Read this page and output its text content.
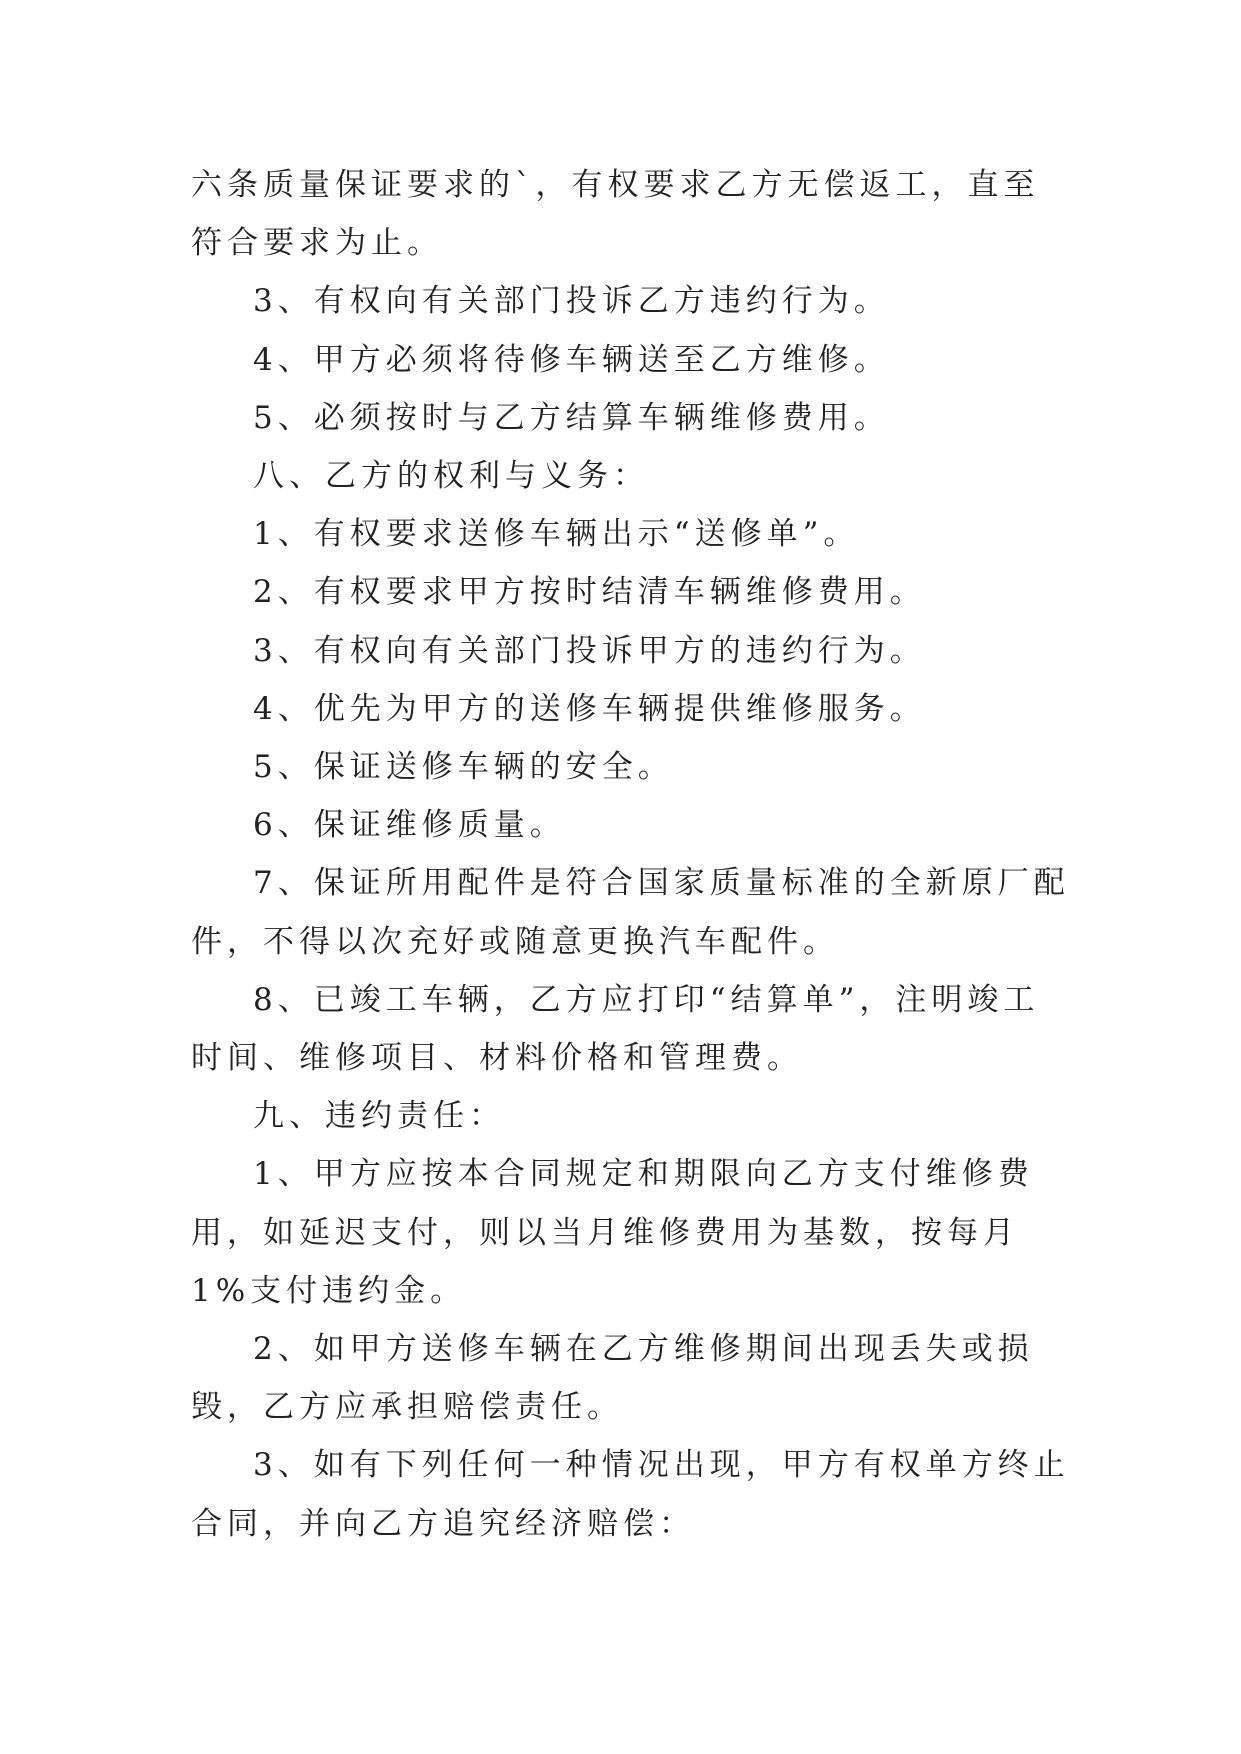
六条质量保证要求的`，有权要求乙方无偿返工，直至符合要求为止。

3、有权向有关部门投诉乙方违约行为。

4、甲方必须将待修车辆送至乙方维修。

5、必须按时与乙方结算车辆维修费用。

八、乙方的权利与义务：

1、有权要求送修车辆出示“送修单”。

2、有权要求甲方按时结清车辆维修费用。

3、有权向有关部门投诉甲方的违约行为。

4、优先为甲方的送修车辆提供维修服务。

5、保证送修车辆的安全。

6、保证维修质量。

7、保证所用配件是符合国家质量标准的全新原厂配件，不得以次充好或随意更换汽车配件。

8、已竣工车辆，乙方应打印“结算单”，注明竣工时间、维修项目、材料价格和管理费。

九、违约责任：

1、甲方应按本合同规定和期限向乙方支付维修费用，如延迟支付，则以当月维修费用为基数，按每月 1%支付违约金。

2、如甲方送修车辆在乙方维修期间出现丢失或损毁，乙方应承担赔偿责任。

3、如有下列任何一种情况出现，甲方有权单方终止合同，并向乙方追究经济赔偿：
